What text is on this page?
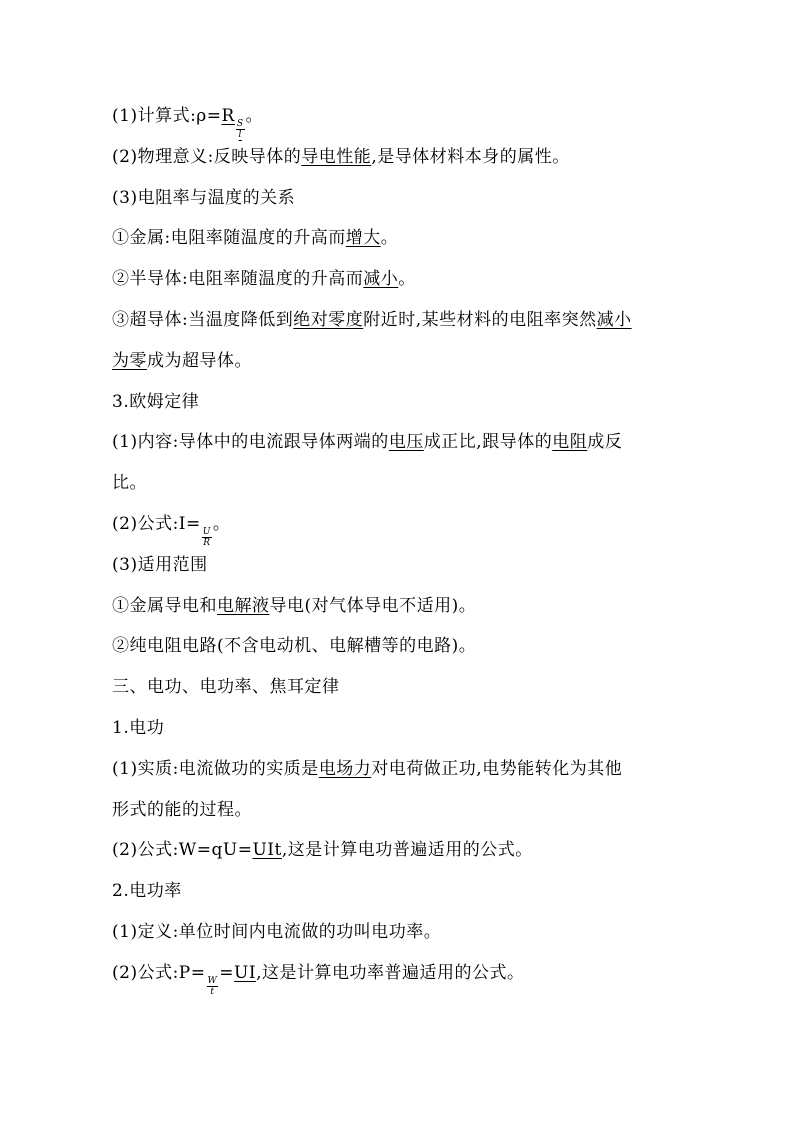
(1)计算式:ρ=R
$\frac{S}{l}$
。
(2)物理意义:反映导体的导电性能,是导体材料本身的属性。
(3)电阻率与温度的关系
①金属:电阻率随温度的升高而增大。
②半导体:电阻率随温度的升高而减小。
③超导体:当温度降低到绝对零度附近时,某些材料的电阻率突然减小
为零成为超导体。
3.欧姆定律
(1)内容:导体中的电流跟导体两端的电压成正比,跟导体的电阻成反
比。
(2)公式:I=
$\frac{U}{R}$
。
(3)适用范围
①金属导电和电解液导电(对气体导电不适用)。
②纯电阻电路(不含电动机、电解槽等的电路)。
三、电功、电功率、焦耳定律
1.电功
(1)实质:电流做功的实质是电场力对电荷做正功,电势能转化为其他
形式的能的过程。
(2)公式:W=qU=UIt,这是计算电功普遍适用的公式。
2.电功率
(1)定义:单位时间内电流做的功叫电功率。
(2)公式:P=
$\frac{W}{t}$
=UI,这是计算电功率普遍适用的公式。
